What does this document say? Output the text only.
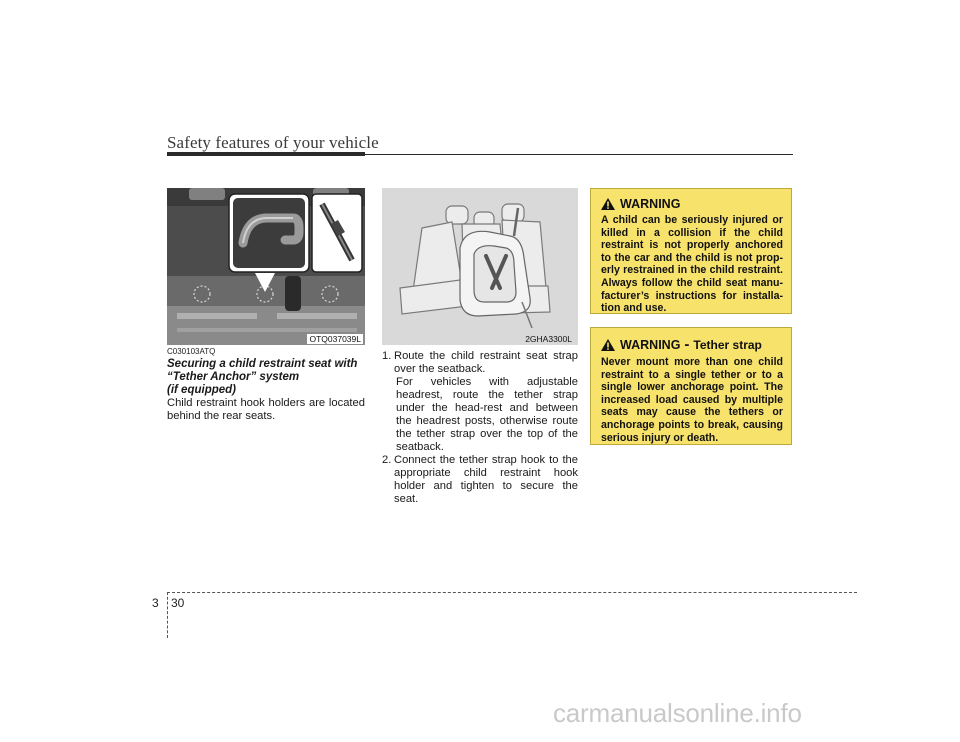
Safety features of your vehicle
OTQ037039L	2GHA3300L
C030103ATQ
Securing a child restraint seat with
“Tether Anchor” system
(if equipped)
Child restraint hook holders are located behind the rear seats.
1. Route the child restraint seat strap over the seatback.
For vehicles with adjustable headrest, route the tether strap under the head-rest and between the headrest posts, otherwise route the tether strap over the top of the seatback.
2. Connect the tether strap hook to the appropriate child restraint hook holder and tighten to secure the seat.
WARNING
A child can be seriously injured or killed in a collision if the child restraint is not properly anchored to the car and the child is not prop-erly restrained in the child restraint. Always follow the child seat manu-facturer’s instructions for installa-tion and use.
WARNING - Tether strap
Never mount more than one child restraint to a single tether or to a single lower anchorage point. The increased load caused by multiple seats may cause the tethers or anchorage points to break, causing serious injury or death.
3 30
carmanualsonline.info
